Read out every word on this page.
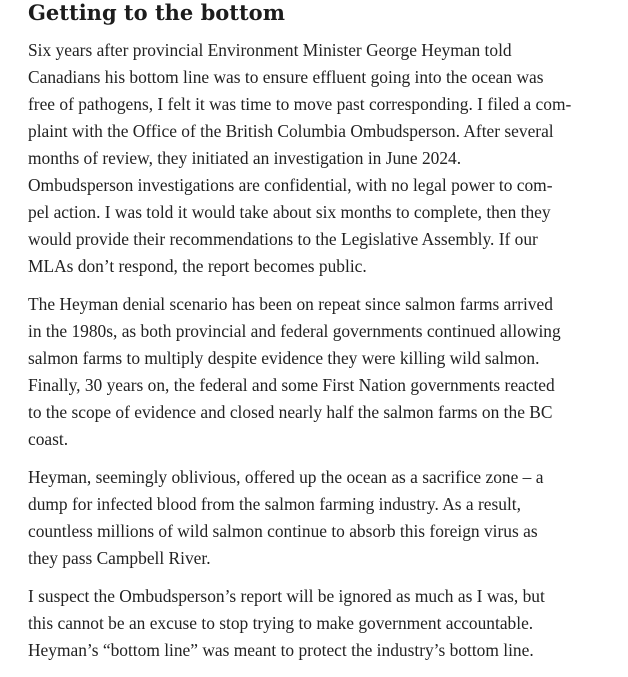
Getting to the bottom

Six years after provincial Environment Minister George Heyman told
Canadians his bottom line was to ensure effluent going into the ocean was
free of pathogens, I felt it was time to move past corresponding. I filed a com-
plaint with the Office of the British Columbia Ombudsperson. After several
months of review, they initiated an investigation in June 2024.
Ombudsperson investigations are confidential, with no legal power to com-
pel action. I was told it would take about six months to complete, then they
would provide their recommendations to the Legislative Assembly. If our
MLAs don’t respond, the report becomes public.

The Heyman denial scenario has been on repeat since salmon farms arrived
in the 1980s, as both provincial and federal governments continued allowing
salmon farms to multiply despite evidence they were killing wild salmon.
Finally, 30 years on, the federal and some First Nation governments reacted
to the scope of evidence and closed nearly half the salmon farms on the BC
coast.

Heyman, seemingly oblivious, offered up the ocean as a sacrifice zone – a
dump for infected blood from the salmon farming industry. As a result,
countless millions of wild salmon continue to absorb this foreign virus as
they pass Campbell River.

I suspect the Ombudsperson’s report will be ignored as much as I was, but
this cannot be an excuse to stop trying to make government accountable.
Heyman’s “bottom line” was meant to protect the industry’s bottom line.
